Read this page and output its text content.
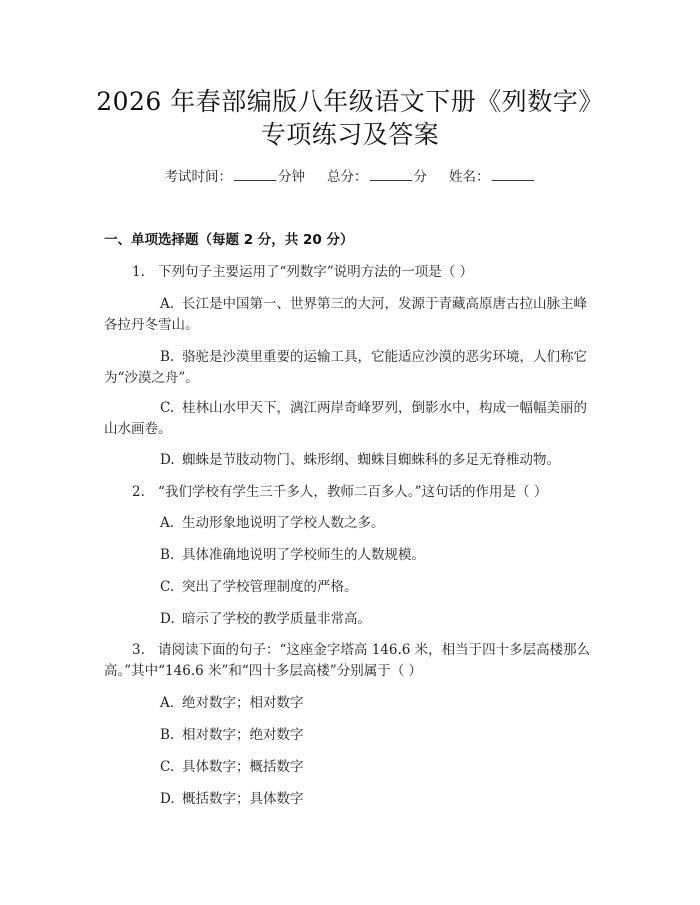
2026 年春部编版八年级语文下册《列数字》
专项练习及答案
考试时间：	分钟 总分：	分 姓名：
一、单项选择题（每题 2 分，共 20 分）
1. 下列句子主要运用了“列数字”说明方法的一项是（ ）
A. 长江是中国第一、世界第三的大河，发源于青藏高原唐古拉山脉主峰各拉丹冬雪山。
B. 骆驼是沙漠里重要的运输工具，它能适应沙漠的恶劣环境，人们称它为“沙漠之舟”。
C. 桂林山水甲天下，漓江两岸奇峰罗列，倒影水中，构成一幅幅美丽的山水画卷。
D. 蜘蛛是节肢动物门、蛛形纲、蜘蛛目蜘蛛科的多足无脊椎动物。
2. “我们学校有学生三千多人，教师二百多人。”这句话的作用是（ ）
A. 生动形象地说明了学校人数之多。
B. 具体准确地说明了学校师生的人数规模。
C. 突出了学校管理制度的严格。
D. 暗示了学校的教学质量非常高。
3. 请阅读下面的句子：“这座金字塔高 146.6 米，相当于四十多层高楼那么高。”其中“146.6 米”和“四十多层高楼”分别属于（ ）
A. 绝对数字；相对数字
B. 相对数字；绝对数字
C. 具体数字；概括数字
D. 概括数字；具体数字
